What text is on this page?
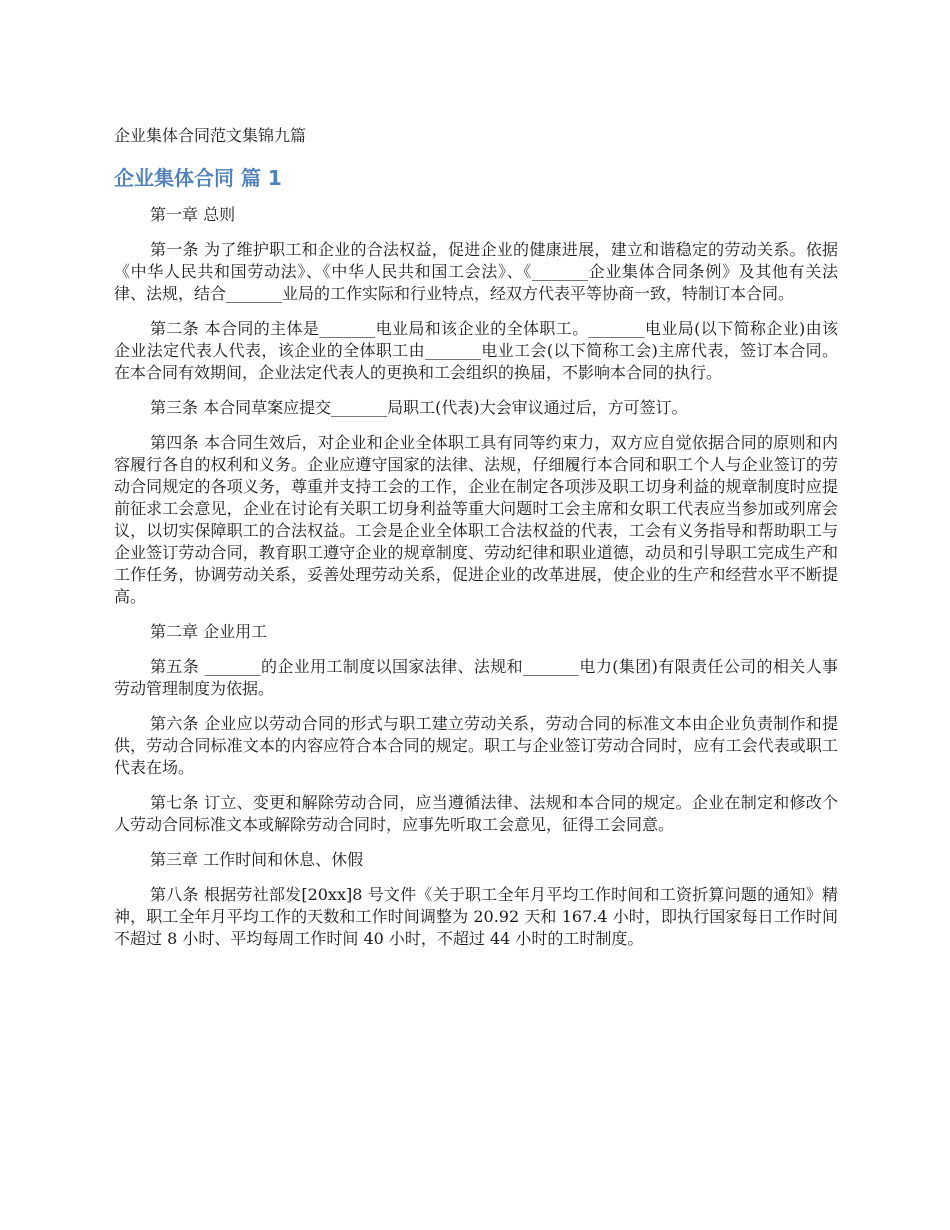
企业集体合同范文集锦九篇
企业集体合同 篇 1
第一章 总则
第一条 为了维护职工和企业的合法权益，促进企业的健康进展，建立和谐稳定的劳动关系。依据《中华人民共和国劳动法》、《中华人民共和国工会法》、《_______企业集体合同条例》及其他有关法律、法规，结合_______业局的工作实际和行业特点，经双方代表平等协商一致，特制订本合同。
第二条 本合同的主体是_______电业局和该企业的全体职工。_______电业局(以下简称企业)由该企业法定代表人代表，该企业的全体职工由_______电业工会(以下简称工会)主席代表，签订本合同。在本合同有效期间，企业法定代表人的更换和工会组织的换届，不影响本合同的执行。
第三条 本合同草案应提交_______局职工(代表)大会审议通过后，方可签订。
第四条 本合同生效后，对企业和企业全体职工具有同等约束力，双方应自觉依据合同的原则和内容履行各自的权利和义务。企业应遵守国家的法律、法规，仔细履行本合同和职工个人与企业签订的劳动合同规定的各项义务，尊重并支持工会的工作，企业在制定各项涉及职工切身利益的规章制度时应提前征求工会意见，企业在讨论有关职工切身利益等重大问题时工会主席和女职工代表应当参加或列席会议，以切实保障职工的合法权益。工会是企业全体职工合法权益的代表，工会有义务指导和帮助职工与企业签订劳动合同，教育职工遵守企业的规章制度、劳动纪律和职业道德，动员和引导职工完成生产和工作任务，协调劳动关系，妥善处理劳动关系，促进企业的改革进展，使企业的生产和经营水平不断提高。
第二章 企业用工
第五条 _______的企业用工制度以国家法律、法规和_______电力(集团)有限责任公司的相关人事劳动管理制度为依据。
第六条 企业应以劳动合同的形式与职工建立劳动关系，劳动合同的标准文本由企业负责制作和提供，劳动合同标准文本的内容应符合本合同的规定。职工与企业签订劳动合同时，应有工会代表或职工代表在场。
第七条 订立、变更和解除劳动合同，应当遵循法律、法规和本合同的规定。企业在制定和修改个人劳动合同标准文本或解除劳动合同时，应事先听取工会意见，征得工会同意。
第三章 工作时间和休息、休假
第八条 根据劳社部发[20xx]8 号文件《关于职工全年月平均工作时间和工资折算问题的通知》精神，职工全年月平均工作的天数和工作时间调整为 20.92 天和 167.4 小时，即执行国家每日工作时间不超过 8 小时、平均每周工作时间 40 小时，不超过 44 小时的工时制度。
